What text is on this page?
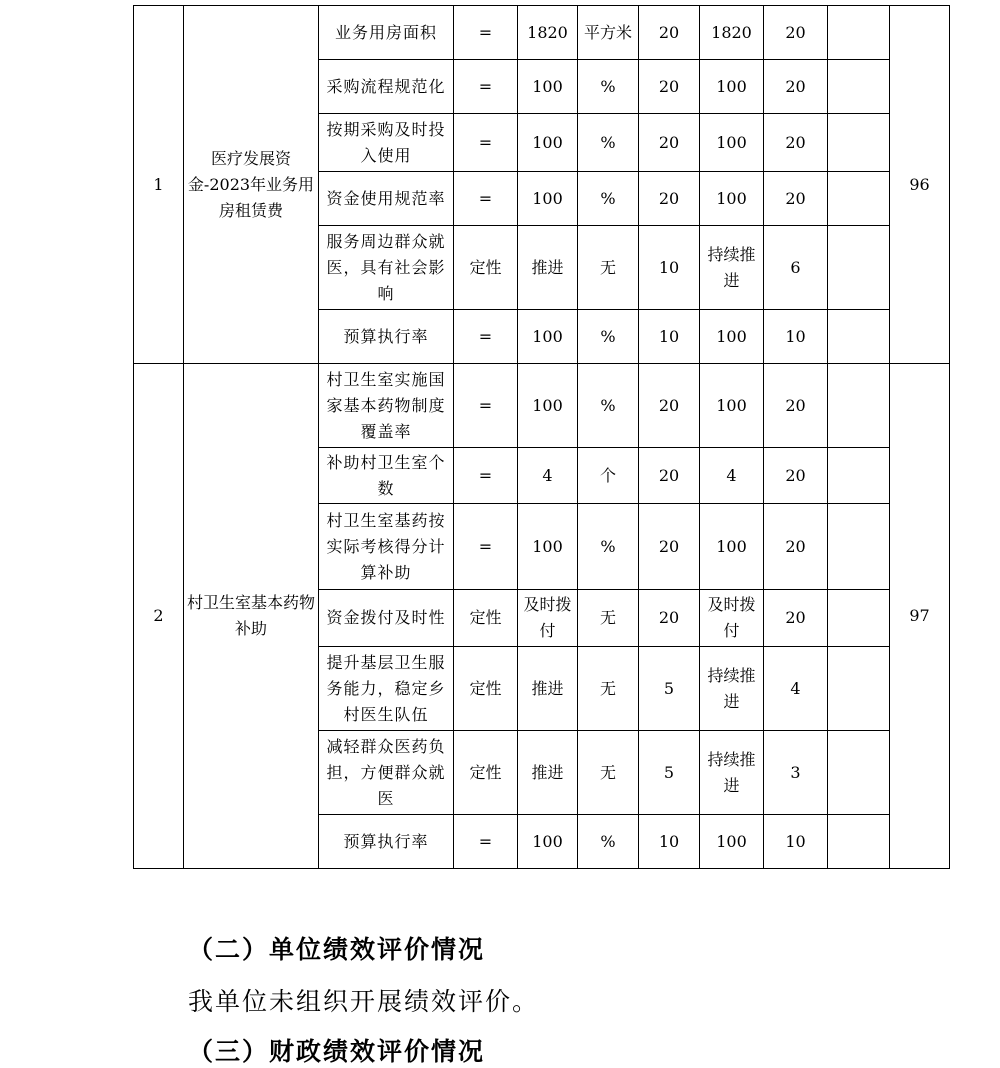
1	医疗发展资金-2023年业务用房租赁费	业务用房面积	=	1820	平方米	20	1820	20		96
		采购流程规范化	=	100	%	20	100	20		
		按期采购及时投入使用	=	100	%	20	100	20		
		资金使用规范率	=	100	%	20	100	20		
		服务周边群众就医，具有社会影响	定性	推进	无	10	持续推进	6		
		预算执行率	=	100	%	10	100	10		
2	村卫生室基本药物补助	村卫生室实施国家基本药物制度覆盖率	=	100	%	20	100	20		97
		补助村卫生室个数	=	4	个	20	4	20		
		村卫生室基药按实际考核得分计算补助	=	100	%	20	100	20		
		资金拨付及时性	定性	及时拨付	无	20	及时拨付	20		
		提升基层卫生服务能力，稳定乡村医生队伍	定性	推进	无	5	持续推进	4		
		减轻群众医药负担，方便群众就医	定性	推进	无	5	持续推进	3		
		预算执行率	=	100	%	10	100	10		
（二）单位绩效评价情况
我单位未组织开展绩效评价。
（三）财政绩效评价情况
